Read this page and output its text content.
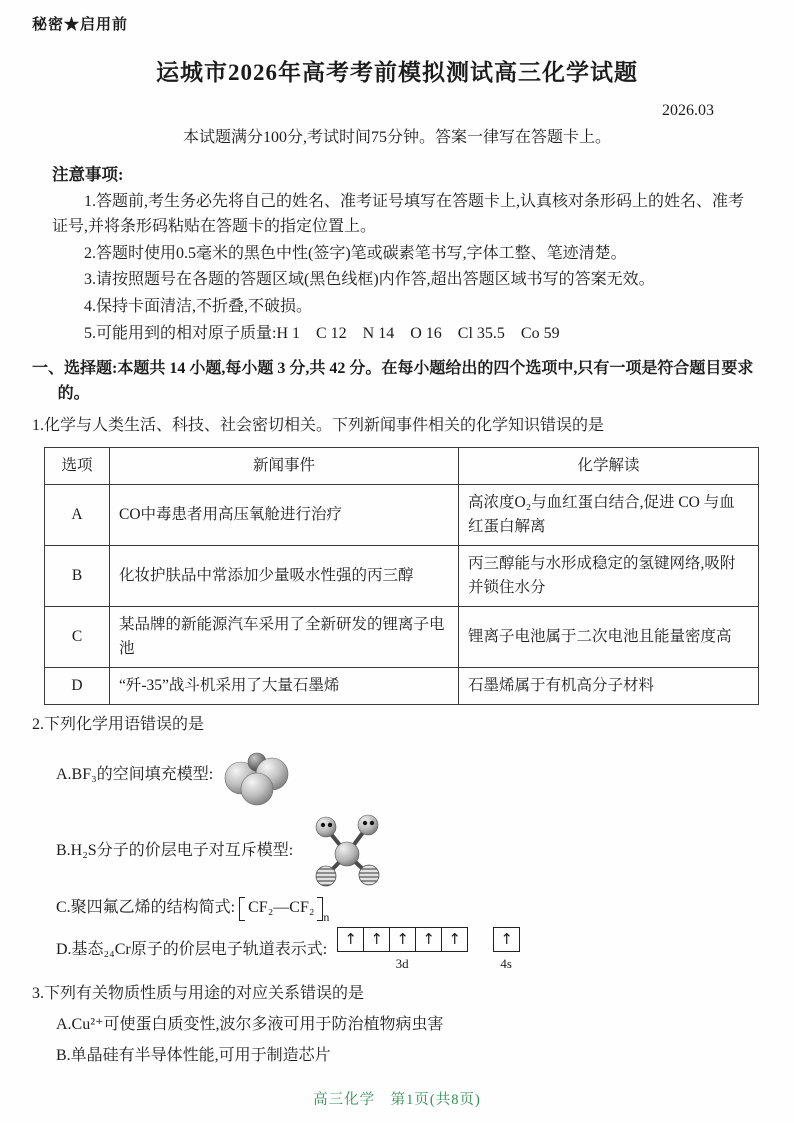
秘密★启用前
运城市2026年高考考前模拟测试高三化学试题
2026.03
本试题满分100分,考试时间75分钟。答案一律写在答题卡上。
注意事项:

1.答题前,考生务必先将自己的姓名、准考证号填写在答题卡上,认真核对条形码上的姓名、准考证号,并将条形码粘贴在答题卡的指定位置上。

2.答题时使用0.5毫米的黑色中性(签字)笔或碳素笔书写,字体工整、笔迹清楚。

3.请按照题号在各题的答题区域(黑色线框)内作答,超出答题区域书写的答案无效。

4.保持卡面清洁,不折叠,不破损。

5.可能用到的相对原子质量:H 1 C 12 N 14 O 16 Cl 35.5 Co 59

一、选择题:本题共 14 小题,每小题 3 分,共 42 分。在每小题给出的四个选项中,只有一项是符合题目要求的。
1.化学与人类生活、科技、社会密切相关。下列新闻事件相关的化学知识错误的是
选项	新闻事件	化学解读
A	CO中毒患者用高压氧舱进行治疗	高浓度O₂与血红蛋白结合,促进 CO 与血红蛋白解离
B	化妆护肤品中常添加少量吸水性强的丙三醇	丙三醇能与水形成稳定的氢键网络,吸附并锁住水分
C	某品牌的新能源汽车采用了全新研发的锂离子电池	锂离子电池属于二次电池且能量密度高
D	“歼-35”战斗机采用了大量石墨烯	石墨烯属于有机高分子材料
2.下列化学用语错误的是
A.BF₃的空间填充模型:
B.H₂S分子的价层电子对互斥模型:
C.聚四氟乙烯的结构简式: CF₂—CF₂
n
D.基态₂₄Cr原子的价层电子轨道表示式:
↑ ↑ ↑ ↑ ↑
3d
↑
4s
3.下列有关物质性质与用途的对应关系错误的是
A.Cu²⁺可使蛋白质变性,波尔多液可用于防治植物病虫害
B.单晶硅有半导体性能,可用于制造芯片
高三化学 第1页(共8页)
